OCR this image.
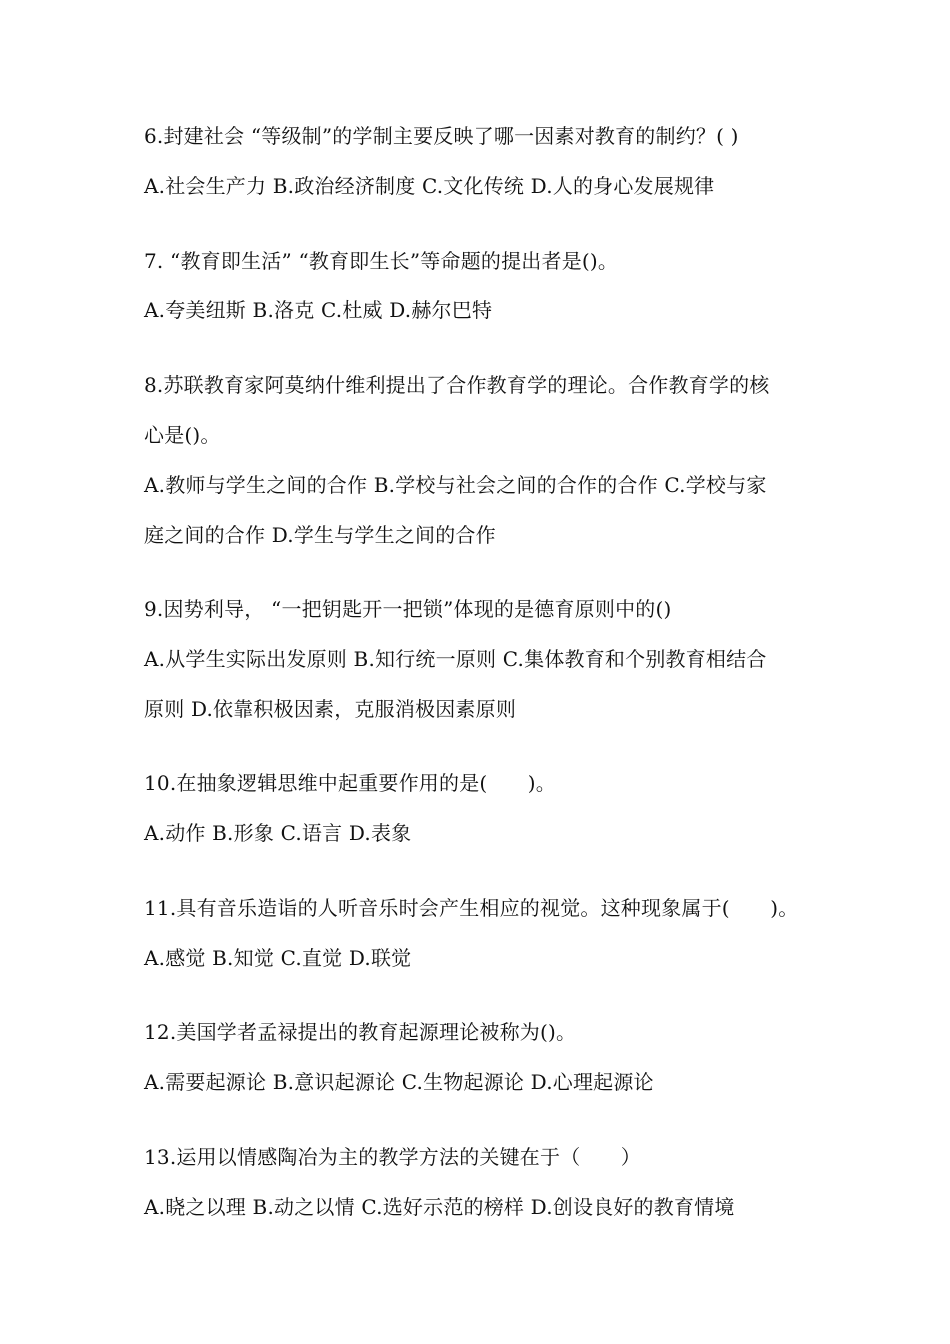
6.封建社会 “等级制”的学制主要反映了哪一因素对教育的制约？( )
A.社会生产力 B.政治经济制度 C.文化传统 D.人的身心发展规律
7. “教育即生活” “教育即生长”等命题的提出者是()。
A.夸美纽斯 B.洛克 C.杜威 D.赫尔巴特
8.苏联教育家阿莫纳什维利提出了合作教育学的理论。合作教育学的核
心是()。
A.教师与学生之间的合作 B.学校与社会之间的合作的合作 C.学校与家
庭之间的合作 D.学生与学生之间的合作
9.因势利导， “一把钥匙开一把锁”体现的是德育原则中的()
A.从学生实际出发原则 B.知行统一原则 C.集体教育和个别教育相结合
原则 D.依靠积极因素，克服消极因素原则
10.在抽象逻辑思维中起重要作用的是(　　)。
A.动作 B.形象 C.语言 D.表象
11.具有音乐造诣的人听音乐时会产生相应的视觉。这种现象属于(　　)。
A.感觉 B.知觉 C.直觉 D.联觉
12.美国学者孟禄提出的教育起源理论被称为()。
A.需要起源论 B.意识起源论 C.生物起源论 D.心理起源论
13.运用以情感陶冶为主的教学方法的关键在于（　　）
A.晓之以理 B.动之以情 C.选好示范的榜样 D.创设良好的教育情境
